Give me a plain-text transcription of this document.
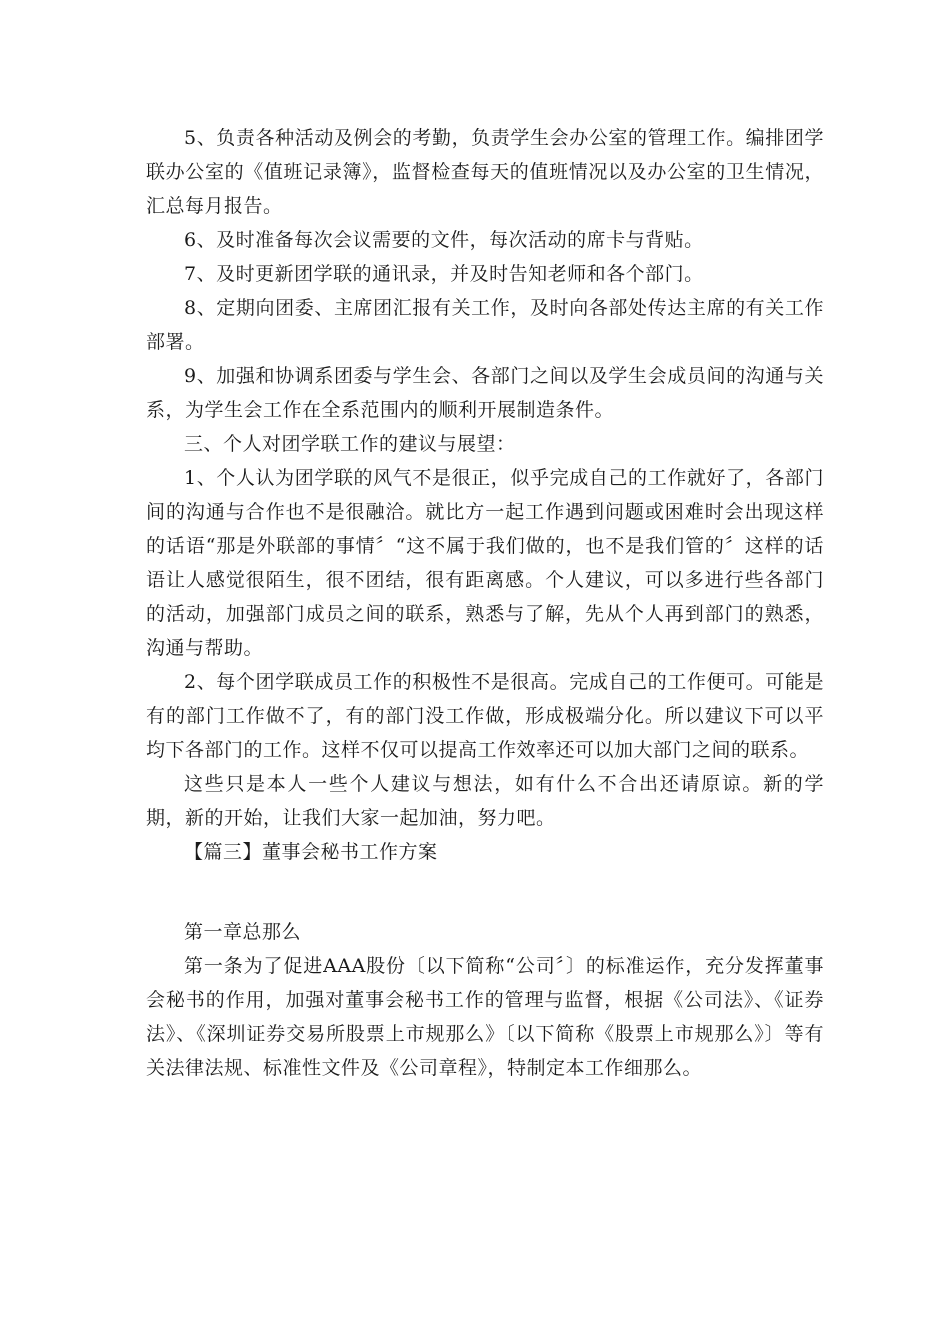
5、负责各种活动及例会的考勤，负责学生会办公室的管理工作。编排团学联办公室的《值班记录簿》，监督检查每天的值班情况以及办公室的卫生情况，汇总每月报告。

6、及时准备每次会议需要的文件，每次活动的席卡与背贴。

7、及时更新团学联的通讯录，并及时告知老师和各个部门。

8、定期向团委、主席团汇报有关工作，及时向各部处传达主席的有关工作部署。

9、加强和协调系团委与学生会、各部门之间以及学生会成员间的沟通与关系，为学生会工作在全系范围内的顺利开展制造条件。

三、个人对团学联工作的建议与展望：

1、个人认为团学联的风气不是很正，似乎完成自己的工作就好了，各部门间的沟通与合作也不是很融洽。就比方一起工作遇到问题或困难时会出现这样的话语“那是外联部的事情〞“这不属于我们做的，也不是我们管的〞这样的话语让人感觉很陌生，很不团结，很有距离感。个人建议，可以多进行些各部门的活动，加强部门成员之间的联系，熟悉与了解，先从个人再到部门的熟悉，沟通与帮助。

2、每个团学联成员工作的积极性不是很高。完成自己的工作便可。可能是有的部门工作做不了，有的部门没工作做，形成极端分化。所以建议下可以平均下各部门的工作。这样不仅可以提高工作效率还可以加大部门之间的联系。

这些只是本人一些个人建议与想法，如有什么不合出还请原谅。新的学期，新的开始，让我们大家一起加油，努力吧。

【篇三】董事会秘书工作方案

第一章总那么

第一条为了促进AAA股份〔以下简称“公司〞〕的标准运作，充分发挥董事会秘书的作用，加强对董事会秘书工作的管理与监督，根据《公司法》、《证券法》、《深圳证券交易所股票上市规那么》〔以下简称《股票上市规那么》〕等有关法律法规、标准性文件及《公司章程》，特制定本工作细那么。
